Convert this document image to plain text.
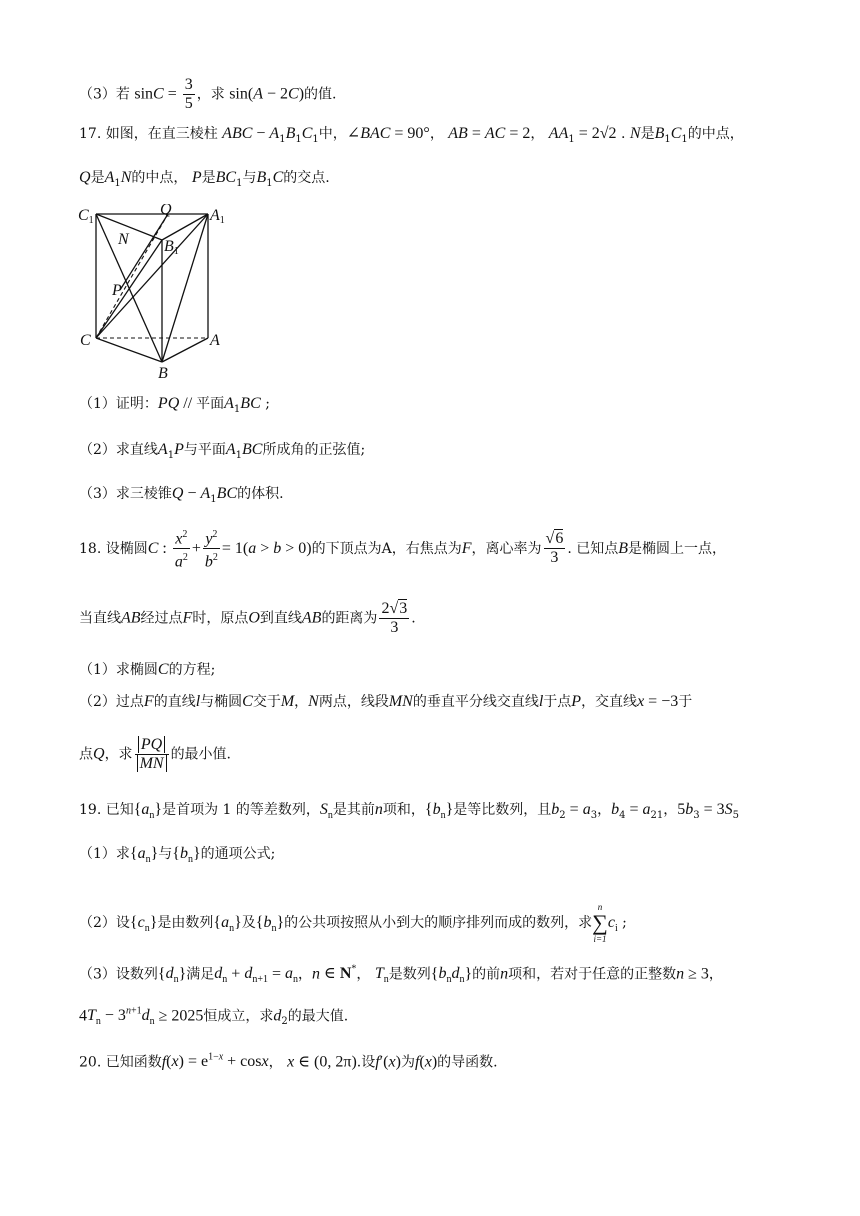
（3）若 $\sin C = \frac{3}{5}$ ，求 sin(A − 2C)的值.
17. 如图，在直三棱柱 ABC − $A_1B_1C_1$中，∠BAC = 90°， AB = AC = 2， $AA_1 = 2√2$ . N是$B_1C_1$的中点，
Q是$A_1N$的中点， P是$BC_1$与$B_1C$的交点.
C1
Q A1
N B1
P
C	A
B
（1）证明：PQ // 平面$A_1BC$ ;
（2）求直线$A_1P$与平面$A_1BC$所成角的正弦值;
（3）求三棱锥$Q - A_1BC$的体积.
18. 设椭圆C : $\frac{x^2}{a^2} + \frac{y^2}{b^2} = 1(a > b > 0)$的下顶点为A，右焦点为F，离心率为 $\frac{√6}{3}$ . 已知点B是椭圆上一点，
当直线AB经过点F时，原点O到直线AB的距离为 $\frac{2√3}{3}$ .
（1）求椭圆C的方程;
（2）过点F的直线l与椭圆C交于M，N两点，线段MN的垂直平分线交直线l于点P，交直线x = −3于
点Q，求 $\frac{PQ}{MN}$ 的最小值.
19. 已知$\{a_n\}$是首项为 1 的等差数列，$S_n$是其前n项和，$\{b_n\}$是等比数列，且$b_2 = a_3$，$b_4 = a_{21}$，$5b_3 = 3S_5$
（1）求$\{a_n\}$与$\{b_n\}$的通项公式;
（2）设$\{c_n\}$是由数列$\{a_n\}$及$\{b_n\}$的公共项按照从小到大的顺序排列而成的数列，求
n
∑
i=1
$c_i$ ;
（3）设数列$\{d_n\}$满足$d_n + d_{n+1} = a_n$，n ∈ N*， $T_n$是数列$\{b_nd_n\}$的前n项和，若对于任意的正整数n ≥ 3，
$4T_n - 3^{n+1}d_n \ge 2025$恒成立，求$d_2$的最大值.
20. 已知函数$f(x) = e^{1-x} + \cos x$， x ∈ (0, 2π).设f′(x)为f(x)的导函数.
